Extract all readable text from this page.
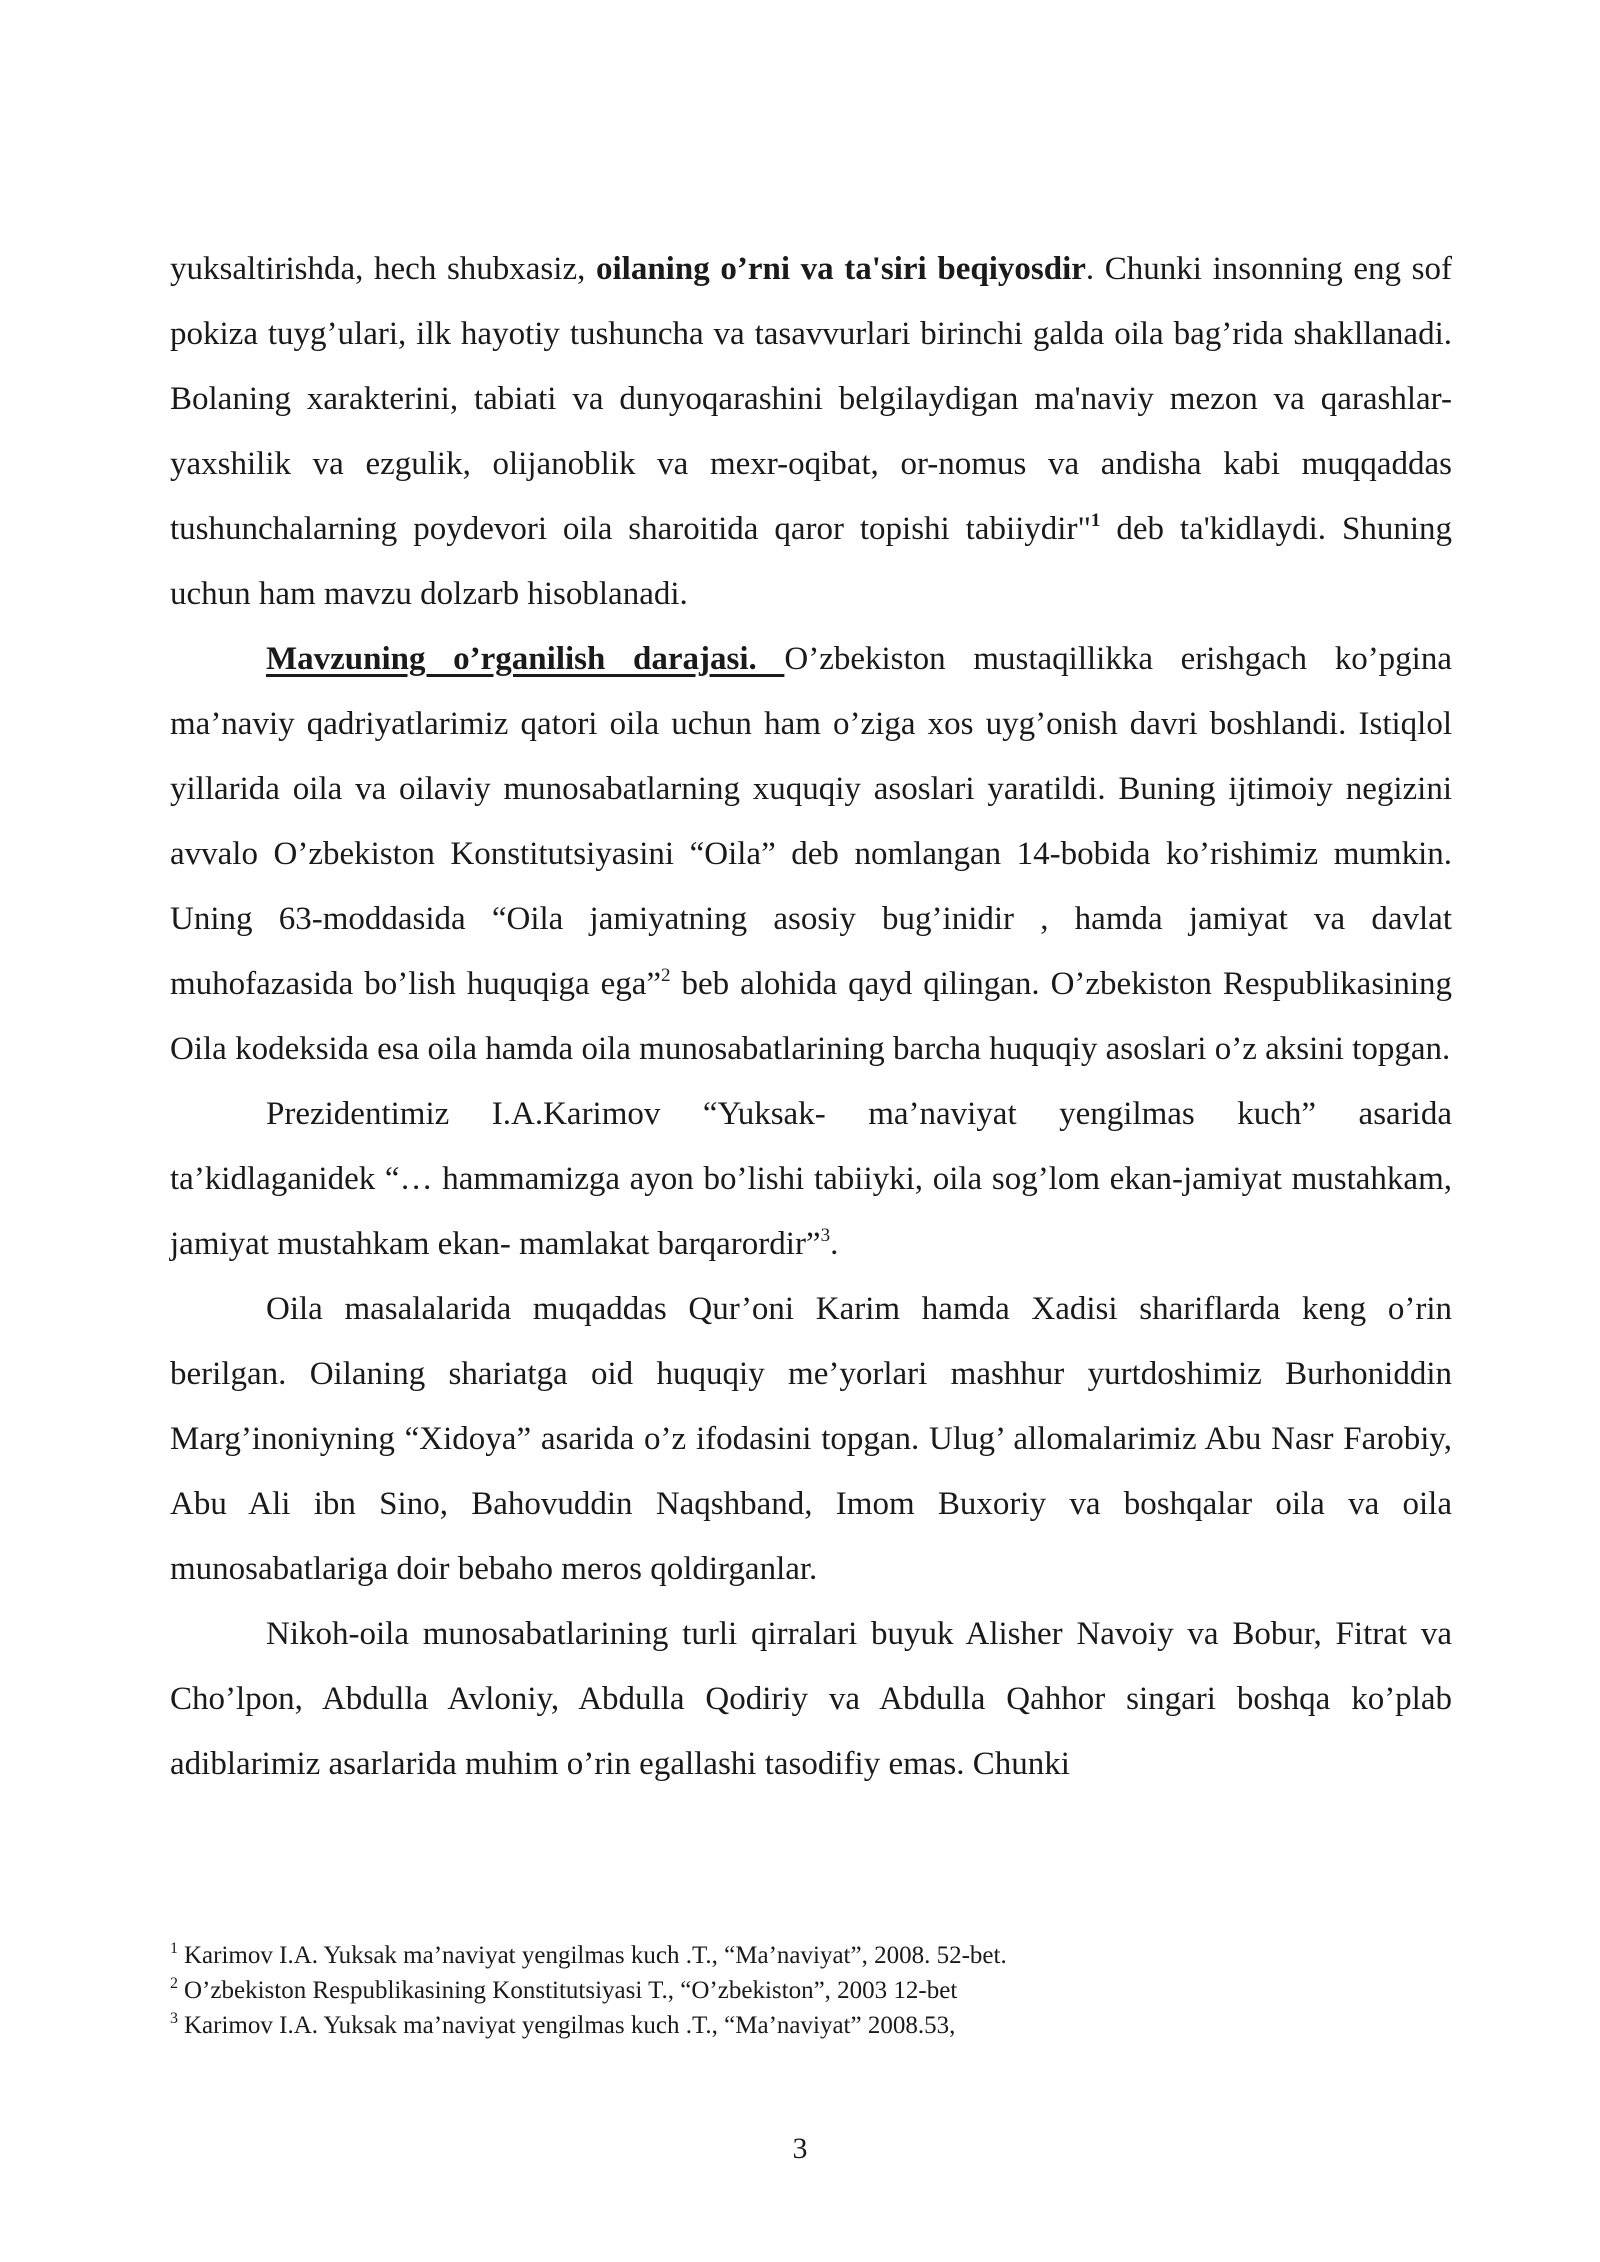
yuksaltirishda, hech shubxasiz, oilaning o’rni va ta'siri beqiyosdir. Chunki insonning eng sof pokiza tuyg’ulari, ilk hayotiy tushuncha va tasavvurlari birinchi galda oila bag’rida shakllanadi. Bolaning xarakterini, tabiati va dunyoqarashini belgilaydigan ma'naviy mezon va qarashlar-yaxshilik va ezgulik, olijanoblik va mexr-oqibat, or-nomus va andisha kabi muqqaddas tushunchalarning poydevori oila sharoitida qaror topishi tabiiydir"$^1$ deb ta'kidlaydi. Shuning uchun ham mavzu dolzarb hisoblanadi.

Mavzuning o’rganilish darajasi. O’zbekiston mustaqillikka erishgach ko’pgina ma’naviy qadriyatlarimiz qatori oila uchun ham o’ziga xos uyg’onish davri boshlandi. Istiqlol yillarida oila va oilaviy munosabatlarning xuquqiy asoslari yaratildi. Buning ijtimoiy negizini avvalo O’zbekiston Konstitutsiyasini “Oila” deb nomlangan 14-bobida ko’rishimiz mumkin. Uning 63-moddasida “Oila jamiyatning asosiy bug’inidir , hamda jamiyat va davlat muhofazasida bo’lish huquqiga ega”$^2$ beb alohida qayd qilingan. O’zbekiston Respublikasining Oila kodeksida esa oila hamda oila munosabatlarining barcha huquqiy asoslari o’z aksini topgan.

Prezidentimiz I.A.Karimov “Yuksak- ma’naviyat yengilmas kuch” asarida ta’kidlaganidek “… hammamizga ayon bo’lishi tabiiyki, oila sog’lom ekan-jamiyat mustahkam, jamiyat mustahkam ekan- mamlakat barqarordir”$^3$.

Oila masalalarida muqaddas Qur’oni Karim hamda Xadisi shariflarda keng o’rin berilgan. Oilaning shariatga oid huquqiy me’yorlari mashhur yurtdoshimiz Burhoniddin Marg’inoniyning “Xidoya” asarida o’z ifodasini topgan. Ulug’ allomalarimiz Abu Nasr Farobiy, Abu Ali ibn Sino, Bahovuddin Naqshband, Imom Buxoriy va boshqalar oila va oila munosabatlariga doir bebaho meros qoldirganlar.

Nikoh-oila munosabatlarining turli qirralari buyuk Alisher Navoiy va Bobur, Fitrat va Cho’lpon, Abdulla Avloniy, Abdulla Qodiriy va Abdulla Qahhor singari boshqa ko’plab adiblarimiz asarlarida muhim o’rin egallashi tasodifiy emas. Chunki

$^1$ Karimov I.A. Yuksak ma’naviyat yengilmas kuch .T., “Ma’naviyat”, 2008. 52-bet.

$^2$ O’zbekiston Respublikasining Konstitutsiyasi T., “O’zbekiston”, 2003 12-bet

$^3$ Karimov I.A. Yuksak ma’naviyat yengilmas kuch .T., “Ma’naviyat” 2008.53,

3
